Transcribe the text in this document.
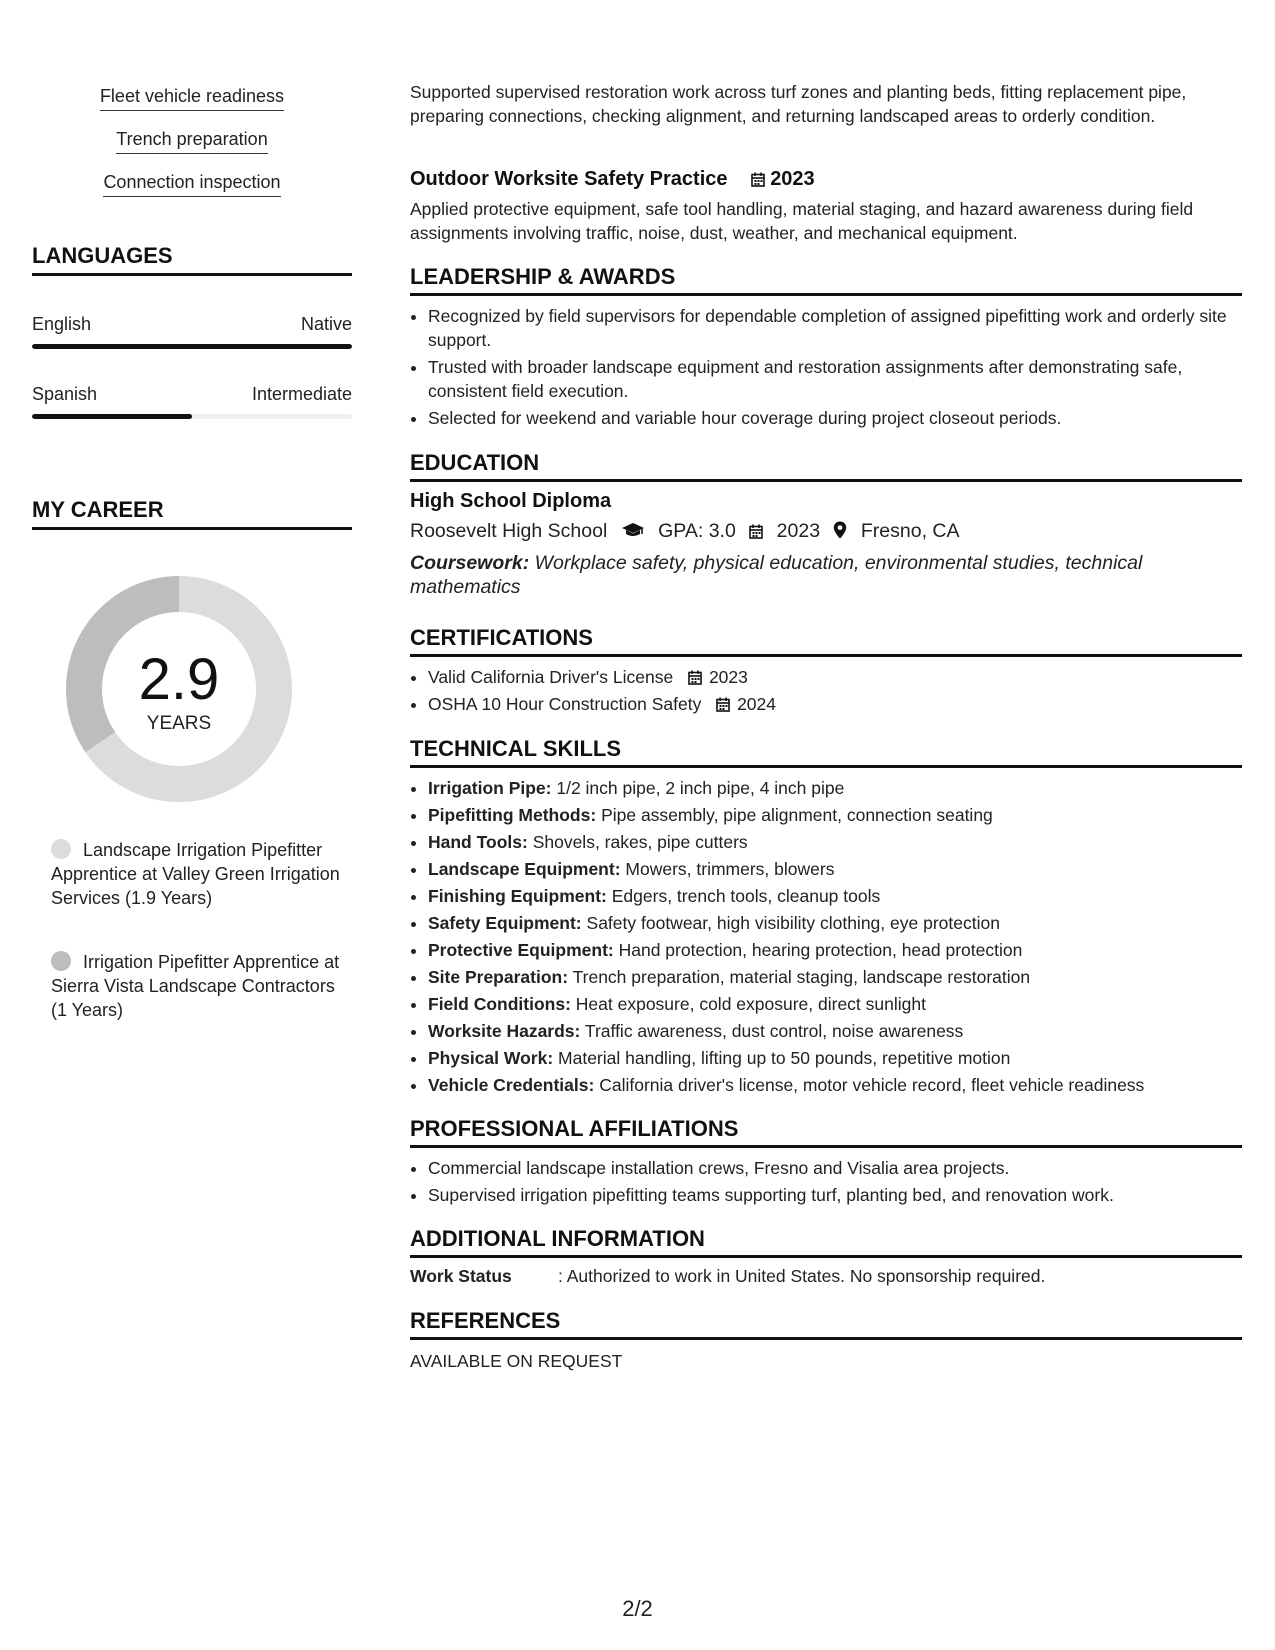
Fleet vehicle readiness
Trench preparation
Connection inspection
LANGUAGES
English	Native
Spanish	Intermediate
MY CAREER
2.9
YEARS
Landscape Irrigation Pipefitter Apprentice at Valley Green Irrigation Services (1.9 Years)
Irrigation Pipefitter Apprentice at Sierra Vista Landscape Contractors (1 Years)
Supported supervised restoration work across turf zones and planting beds, fitting replacement pipe, preparing connections, checking alignment, and returning landscaped areas to orderly condition.
Outdoor Worksite Safety Practice 2023
Applied protective equipment, safe tool handling, material staging, and hazard awareness during field assignments involving traffic, noise, dust, weather, and mechanical equipment.
LEADERSHIP & AWARDS
• Recognized by field supervisors for dependable completion of assigned pipefitting work and orderly site support.
• Trusted with broader landscape equipment and restoration assignments after demonstrating safe, consistent field execution.
• Selected for weekend and variable hour coverage during project closeout periods.
EDUCATION
High School Diploma
Roosevelt High School	GPA: 3.0 2023 Fresno, CA
Coursework: Workplace safety, physical education, environmental studies, technical mathematics
CERTIFICATIONS
• Valid California Driver's License 2023
• OSHA 10 Hour Construction Safety 2024
TECHNICAL SKILLS
• Irrigation Pipe: 1/2 inch pipe, 2 inch pipe, 4 inch pipe
• Pipefitting Methods: Pipe assembly, pipe alignment, connection seating
• Hand Tools: Shovels, rakes, pipe cutters
• Landscape Equipment: Mowers, trimmers, blowers
• Finishing Equipment: Edgers, trench tools, cleanup tools
• Safety Equipment: Safety footwear, high visibility clothing, eye protection
• Protective Equipment: Hand protection, hearing protection, head protection
• Site Preparation: Trench preparation, material staging, landscape restoration
• Field Conditions: Heat exposure, cold exposure, direct sunlight
• Worksite Hazards: Traffic awareness, dust control, noise awareness
• Physical Work: Material handling, lifting up to 50 pounds, repetitive motion
• Vehicle Credentials: California driver's license, motor vehicle record, fleet vehicle readiness
PROFESSIONAL AFFILIATIONS
• Commercial landscape installation crews, Fresno and Visalia area projects.
• Supervised irrigation pipefitting teams supporting turf, planting bed, and renovation work.
ADDITIONAL INFORMATION
Work Status	: Authorized to work in United States. No sponsorship required.
REFERENCES
AVAILABLE ON REQUEST
2/2
